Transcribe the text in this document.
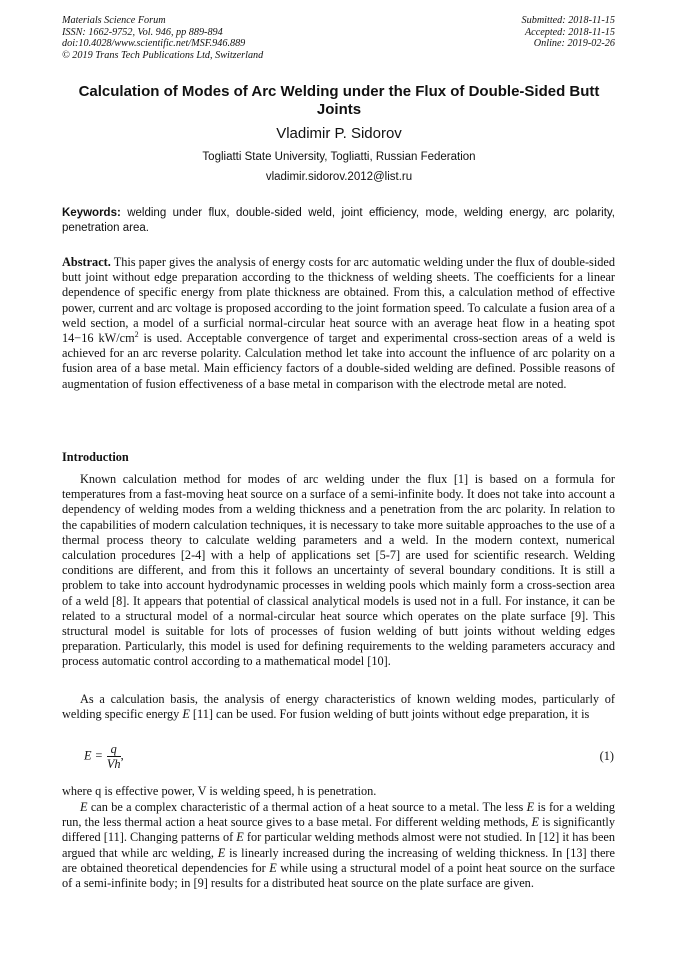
Materials Science Forum
ISSN: 1662-9752, Vol. 946, pp 889-894
doi:10.4028/www.scientific.net/MSF.946.889
© 2019 Trans Tech Publications Ltd, Switzerland
Submitted: 2018-11-15
Accepted: 2018-11-15
Online: 2019-02-26
Calculation of Modes of Arc Welding under the Flux of Double-Sided Butt Joints
Vladimir P. Sidorov
Togliatti State University, Togliatti, Russian Federation
vladimir.sidorov.2012@list.ru
Keywords: welding under flux, double-sided weld, joint efficiency, mode, welding energy, arc polarity, penetration area.
Abstract. This paper gives the analysis of energy costs for arc automatic welding under the flux of double-sided butt joint without edge preparation according to the thickness of welding sheets. The coefficients for a linear dependence of specific energy from plate thickness are obtained. From this, a calculation method of effective power, current and arc voltage is proposed according to the joint formation speed. To calculate a fusion area of a weld section, a model of a surficial normal-circular heat source with an average heat flow in a heating spot 14−16 $kW/cm^2$ is used. Acceptable convergence of target and experimental cross-section areas of a weld is achieved for an arc reverse polarity. Calculation method let take into account the influence of arc polarity on a fusion area of a base metal. Main efficiency factors of a double-sided welding are defined. Possible reasons of augmentation of fusion effectiveness of a base metal in comparison with the electrode metal are noted.
Introduction
Known calculation method for modes of arc welding under the flux [1] is based on a formula for temperatures from a fast-moving heat source on a surface of a semi-infinite body. It does not take into account a dependency of welding modes from a welding thickness and a penetration from the arc polarity. In relation to the capabilities of modern calculation techniques, it is necessary to take more suitable approaches to the use of a thermal process theory to calculate welding parameters and a weld. In the modern context, numerical calculation procedures [2-4] with a help of applications set [5-7] are used for scientific research. Welding conditions are different, and from this it follows an uncertainty of several boundary conditions. It is still a problem to take into account hydrodynamic processes in welding pools which mainly form a cross-section area of a weld [8]. It appears that potential of classical analytical models is used not in a full. For instance, it can be related to a structural model of a normal-circular heat source which operates on the plate surface [9]. This structural model is suitable for lots of processes of fusion welding of butt joints without welding edges preparation. Particularly, this model is used for defining requirements to the welding parameters accuracy and process automatic control according to a mathematical model [10].
As a calculation basis, the analysis of energy characteristics of known welding modes, particularly of welding specific energy E [11] can be used. For fusion welding of butt joints without edge preparation, it is
$E = \frac{q}{Vh}$ ,	(1)
where q is effective power, V is welding speed, h is penetration.
E can be a complex characteristic of a thermal action of a heat source to a metal. The less E is for a welding run, the less thermal action a heat source gives to a base metal. For different welding methods, E is significantly differed [11]. Changing patterns of E for particular welding methods almost were not studied. In [12] it has been argued that while arc welding, E is linearly increased during the increasing of welding thickness. In [13] there are obtained theoretical dependencies for E while using a structural model of a point heat source on the surface of a semi-infinite body; in [9] results for a distributed heat source on the plate surface are given.
